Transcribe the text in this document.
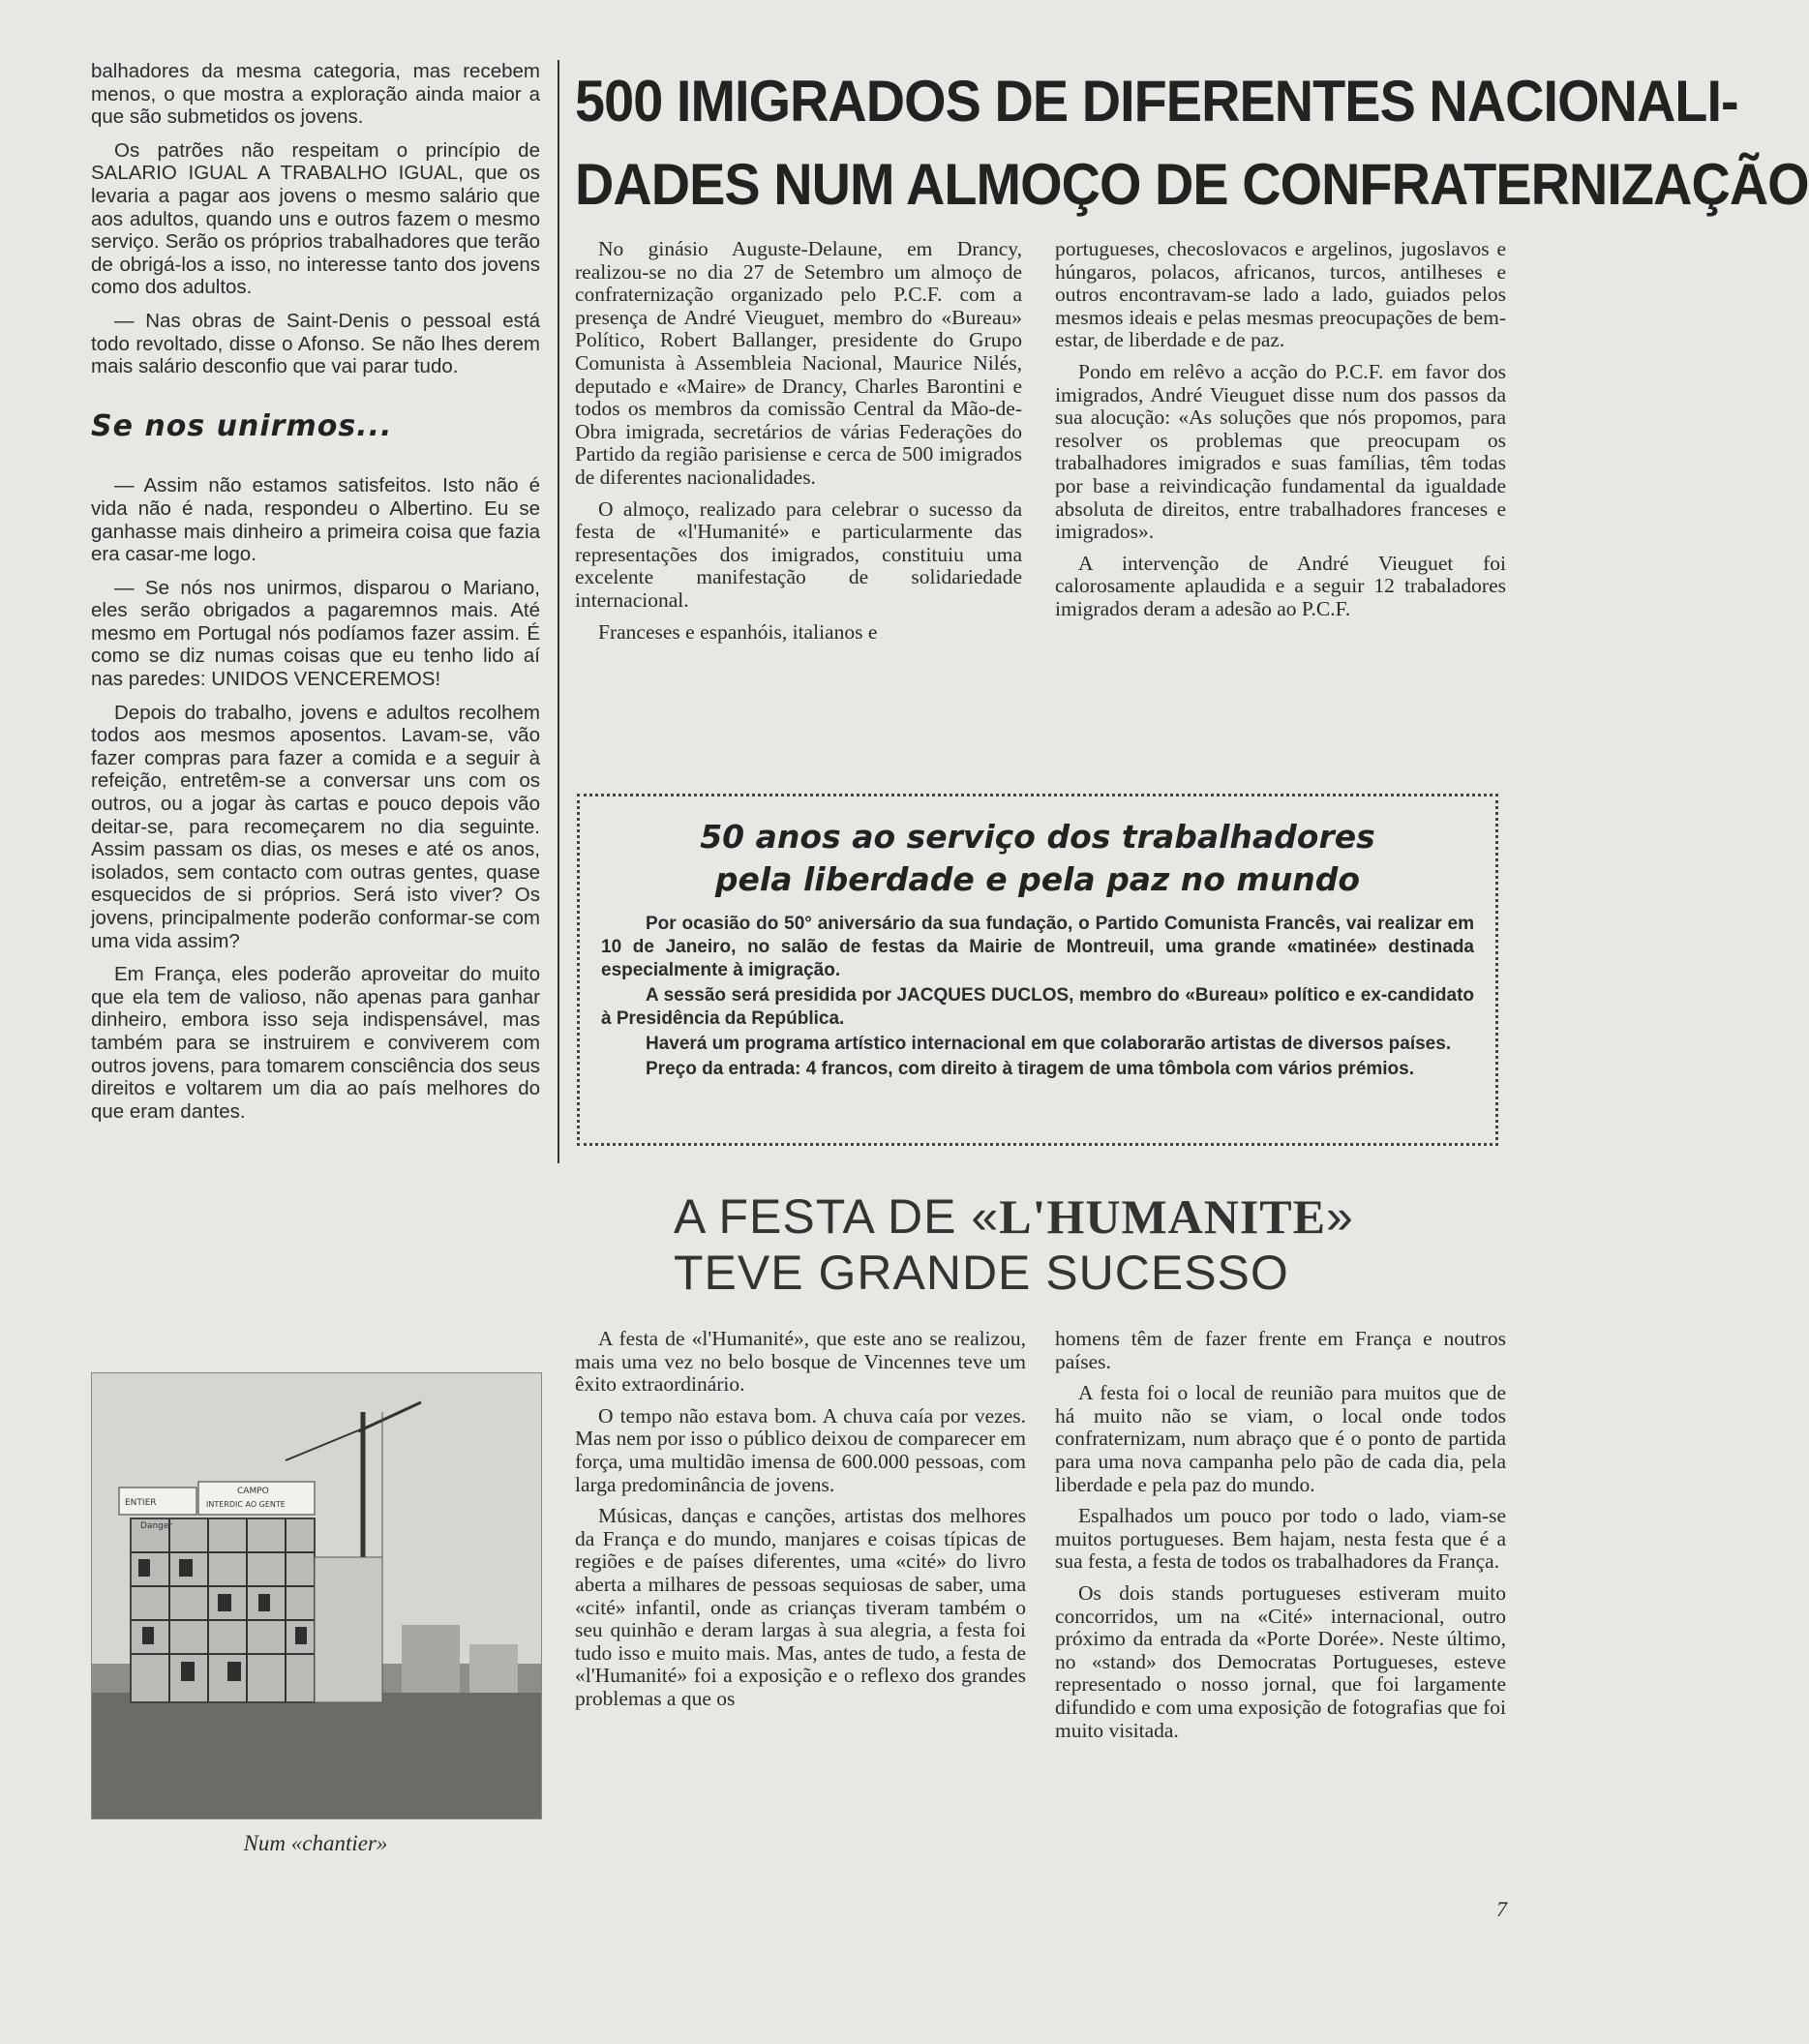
balhadores da mesma categoria, mas recebem menos, o que mostra a exploração ainda maior a que são submetidos os jovens.

Os patrões não respeitam o princípio de SALARIO IGUAL A TRABALHO IGUAL, que os levaria a pagar aos jovens o mesmo salário que aos adultos, quando uns e outros fazem o mesmo serviço. Serão os próprios trabalhadores que terão de obrigá-los a isso, no interesse tanto dos jovens como dos adultos.

— Nas obras de Saint-Denis o pessoal está todo revoltado, disse o Afonso. Se não lhes derem mais salário desconfio que vai parar tudo.

Se nos unirmos...

— Assim não estamos satisfeitos. Isto não é vida não é nada, respondeu o Albertino. Eu se ganhasse mais dinheiro a primeira coisa que fazia era casar-me logo.

— Se nós nos unirmos, disparou o Mariano, eles serão obrigados a pagaremnos mais. Até mesmo em Portugal nós podíamos fazer assim. É como se diz numas coisas que eu tenho lido aí nas paredes: UNIDOS VENCEREMOS!

Depois do trabalho, jovens e adultos recolhem todos aos mesmos aposentos. Lavam-se, vão fazer compras para fazer a comida e a seguir à refeição, entretêm-se a conversar uns com os outros, ou a jogar às cartas e pouco depois vão deitar-se, para recomeçarem no dia seguinte. Assim passam os dias, os meses e até os anos, isolados, sem contacto com outras gentes, quase esquecidos de si próprios. Será isto viver? Os jovens, principalmente poderão conformar-se com uma vida assim?

Em França, eles poderão aproveitar do muito que ela tem de valioso, não apenas para ganhar dinheiro, embora isso seja indispensável, mas também para se instruirem e conviverem com outros jovens, para tomarem consciência dos seus direitos e voltarem um dia ao país melhores do que eram dantes.

ENTIER
CAMPO
INTERDIC AO GENTE
Danger
Num «chantier»
500 IMIGRADOS DE DIFERENTES NACIONALI-
DADES NUM ALMOÇO DE CONFRATERNIZAÇÃO

No ginásio Auguste-Delaune, em Drancy, realizou-se no dia 27 de Setembro um almoço de confraternização organizado pelo P.C.F. com a presença de André Vieuguet, membro do «Bureau» Político, Robert Ballanger, presidente do Grupo Comunista à Assembleia Nacional, Maurice Nilés, deputado e «Maire» de Drancy, Charles Barontini e todos os membros da comissão Central da Mão-de-Obra imigrada, secretários de várias Federações do Partido da região parisiense e cerca de 500 imigrados de diferentes nacionalidades.

O almoço, realizado para celebrar o sucesso da festa de «l'Humanité» e particularmente das representações dos imigrados, constituiu uma excelente manifestação de solidariedade internacional.

Franceses e espanhóis, italianos e

portugueses, checoslovacos e argelinos, jugoslavos e húngaros, polacos, africanos, turcos, antilheses e outros encontravam-se lado a lado, guiados pelos mesmos ideais e pelas mesmas preocupações de bem-estar, de liberdade e de paz.

Pondo em relêvo a acção do P.C.F. em favor dos imigrados, André Vieuguet disse num dos passos da sua alocução: «As soluções que nós propomos, para resolver os problemas que preocupam os trabalhadores imigrados e suas famílias, têm todas por base a reivindicação fundamental da igualdade absoluta de direitos, entre trabalhadores franceses e imigrados».

A intervenção de André Vieuguet foi calorosamente aplaudida e a seguir 12 trabaladores imigrados deram a adesão ao P.C.F.

50 anos ao serviço dos trabalhadores
pela liberdade e pela paz no mundo

Por ocasião do 50° aniversário da sua fundação, o Partido Comunista Francês, vai realizar em 10 de Janeiro, no salão de festas da Mairie de Montreuil, uma grande «matinée» destinada especialmente à imigração.

A sessão será presidida por JACQUES DUCLOS, membro do «Bureau» político e ex-candidato à Presidência da República.

Haverá um programa artístico internacional em que colaborarão artistas de diversos países.

Preço da entrada: 4 francos, com direito à tiragem de uma tômbola com vários prémios.

A FESTA DE «L'HUMANITE»
TEVE GRANDE SUCESSO

A festa de «l'Humanité», que este ano se realizou, mais uma vez no belo bosque de Vincennes teve um êxito extraordinário.

O tempo não estava bom. A chuva caía por vezes. Mas nem por isso o público deixou de comparecer em força, uma multidão imensa de 600.000 pessoas, com larga predominância de jovens.

Músicas, danças e canções, artistas dos melhores da França e do mundo, manjares e coisas típicas de regiões e de países diferentes, uma «cité» do livro aberta a milhares de pessoas sequiosas de saber, uma «cité» infantil, onde as crianças tiveram também o seu quinhão e deram largas à sua alegria, a festa foi tudo isso e muito mais. Mas, antes de tudo, a festa de «l'Humanité» foi a exposição e o reflexo dos grandes problemas a que os

homens têm de fazer frente em França e noutros países.

A festa foi o local de reunião para muitos que de há muito não se viam, o local onde todos confraternizam, num abraço que é o ponto de partida para uma nova campanha pelo pão de cada dia, pela liberdade e pela paz do mundo.

Espalhados um pouco por todo o lado, viam-se muitos portugueses. Bem hajam, nesta festa que é a sua festa, a festa de todos os trabalhadores da França.

Os dois stands portugueses estiveram muito concorridos, um na «Cité» internacional, outro próximo da entrada da «Porte Dorée». Neste último, no «stand» dos Democratas Portugueses, esteve representado o nosso jornal, que foi largamente difundido e com uma exposição de fotografias que foi muito visitada.

7
